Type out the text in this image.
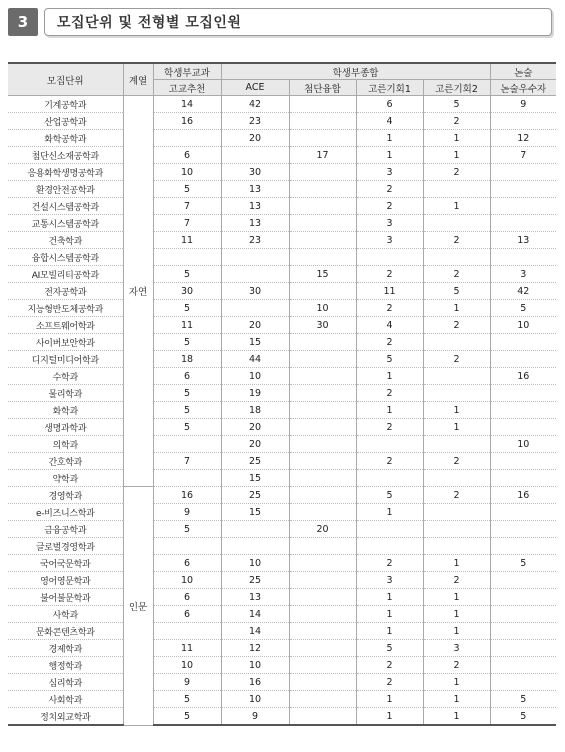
3	모집단위 및 전형별 모집인원
모집단위	계열	학생부교과	학생부종합				논술
		고교추천	ACE	첨단융합	고른기회1	고른기회2	논술우수자
기계공학과	자연	14	42		6	5	9
산업공학과		16	23		4	2	
화학공학과			20		1	1	12
첨단신소재공학과		6		17	1	1	7
응용화학생명공학과		10	30		3	2	
환경안전공학과		5	13		2		
건설시스템공학과		7	13		2	1	
교통시스템공학과		7	13		3		
건축학과		11	23		3	2	13
융합시스템공학과							
AI모빌리티공학과		5		15	2	2	3
전자공학과		30	30		11	5	42
지능형반도체공학과		5		10	2	1	5
소프트웨어학과		11	20	30	4	2	10
사이버보안학과		5	15		2		
디지털미디어학과		18	44		5	2	
수학과		6	10		1		16
물리학과		5	19		2		
화학과		5	18		1	1	
생명과학과		5	20		2	1	
의학과			20				10
간호학과		7	25		2	2	
약학과			15				
경영학과	인문	16	25		5	2	16
e-비즈니스학과		9	15		1		
금융공학과		5		20			
글로벌경영학과							
국어국문학과		6	10		2	1	5
영어영문학과		10	25		3	2	
불어불문학과		6	13		1	1	
사학과		6	14		1	1	
문화콘텐츠학과			14		1	1	
경제학과		11	12		5	3	
행정학과		10	10		2	2	
심리학과		9	16		2	1	
사회학과		5	10		1	1	5
정치외교학과		5	9		1	1	5
